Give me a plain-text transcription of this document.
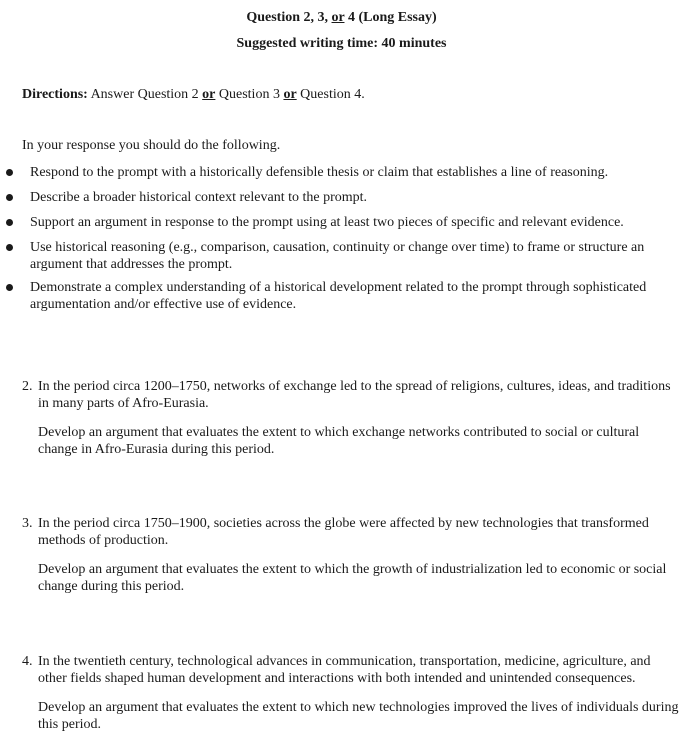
Question 2, 3, or 4 (Long Essay)
Suggested writing time: 40 minutes
Directions: Answer Question 2 or Question 3 or Question 4.
In your response you should do the following.
Respond to the prompt with a historically defensible thesis or claim that establishes a line of reasoning.
Describe a broader historical context relevant to the prompt.
Support an argument in response to the prompt using at least two pieces of specific and relevant evidence.
Use historical reasoning (e.g., comparison, causation, continuity or change over time) to frame or structure an argument that addresses the prompt.
Demonstrate a complex understanding of a historical development related to the prompt through sophisticated argumentation and/or effective use of evidence.
2. In the period circa 1200–1750, networks of exchange led to the spread of religions, cultures, ideas, and traditions in many parts of Afro-Eurasia.

Develop an argument that evaluates the extent to which exchange networks contributed to social or cultural change in Afro-Eurasia during this period.

3. In the period circa 1750–1900, societies across the globe were affected by new technologies that transformed methods of production.

Develop an argument that evaluates the extent to which the growth of industrialization led to economic or social change during this period.

4. In the twentieth century, technological advances in communication, transportation, medicine, agriculture, and other fields shaped human development and interactions with both intended and unintended consequences.

Develop an argument that evaluates the extent to which new technologies improved the lives of individuals during this period.
